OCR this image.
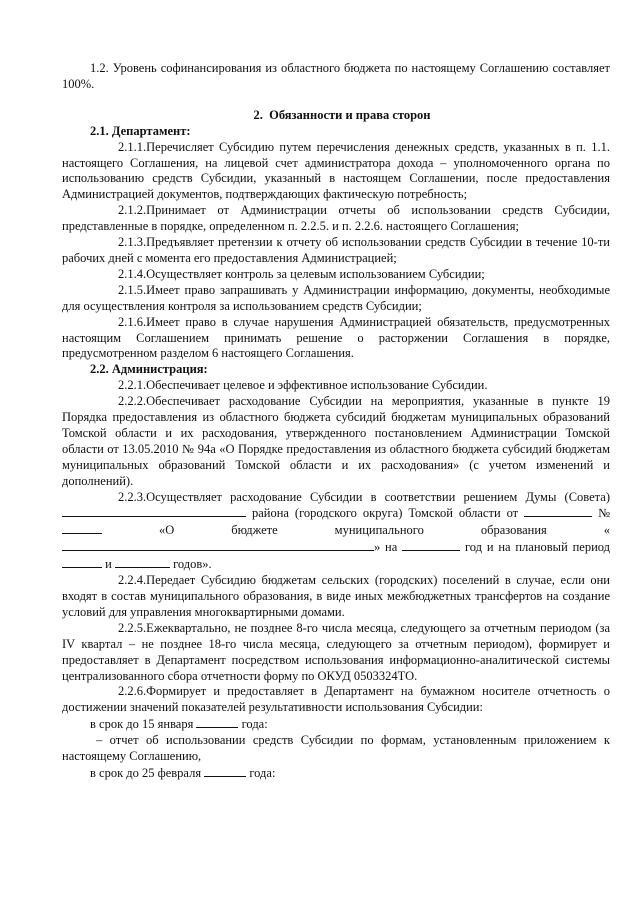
1.2. Уровень софинансирования из областного бюджета по настоящему Соглашению составляет 100%.

2.  Обязанности и права сторон

2.1. Департамент:

2.1.1.Перечисляет Субсидию путем перечисления денежных средств, указанных в п. 1.1. настоящего Соглашения, на лицевой счет администратора дохода – уполномоченного органа по использованию средств Субсидии, указанный в настоящем Соглашении, после предоставления Администрацией документов, подтверждающих фактическую потребность;

2.1.2.Принимает от Администрации отчеты об использовании средств Субсидии, представленные в порядке, определенном п. 2.2.5. и п. 2.2.6. настоящего Соглашения;

2.1.3.Предъявляет претензии к отчету об использовании средств Субсидии в течение 10-ти рабочих дней с момента его предоставления Администрацией;

2.1.4.Осуществляет контроль за целевым использованием Субсидии;

2.1.5.Имеет право запрашивать у Администрации информацию, документы, необходимые для осуществления контроля за использованием средств Субсидии;

2.1.6.Имеет право в случае нарушения Администрацией обязательств, предусмотренных настоящим Соглашением принимать решение о расторжении Соглашения в порядке, предусмотренном разделом 6 настоящего Соглашения.

2.2. Администрация:

2.2.1.Обеспечивает целевое и эффективное использование Субсидии.

2.2.2.Обеспечивает расходование Субсидии на мероприятия, указанные в пункте 19 Порядка предоставления из областного бюджета субсидий бюджетам муниципальных образований Томской области и их расходования, утвержденного постановлением Администрации Томской области от 13.05.2010 № 94а «О Порядке предоставления из областного бюджета субсидий бюджетам муниципальных образований Томской области и их расходования» (с учетом изменений и дополнений).

2.2.3.Осуществляет расходование Субсидии в соответствии решением Думы (Совета)  района (городского округа) Томской области от	№  «О бюджете муниципального образования «» на	год и на плановый период  и	годов».

2.2.4.Передает Субсидию бюджетам сельских (городских) поселений в случае, если они входят в состав муниципального образования, в виде иных межбюджетных трансфертов на создание условий для управления многоквартирными домами.

2.2.5.Ежеквартально, не позднее 8-го числа месяца, следующего за отчетным периодом (за IV квартал – не позднее 18-го числа месяца, следующего за отчетным периодом), формирует и предоставляет в Департамент посредством использования информационно-аналитической системы централизованного сбора отчетности форму по ОКУД 0503324ТО.

2.2.6.Формирует и предоставляет в Департамент на бумажном носителе отчетность о достижении значений показателей результативности использования Субсидии:

в срок до 15 января	года:

– отчет об использовании средств Субсидии по формам, установленным приложением к настоящему Соглашению,

в срок до 25 февраля	года:
